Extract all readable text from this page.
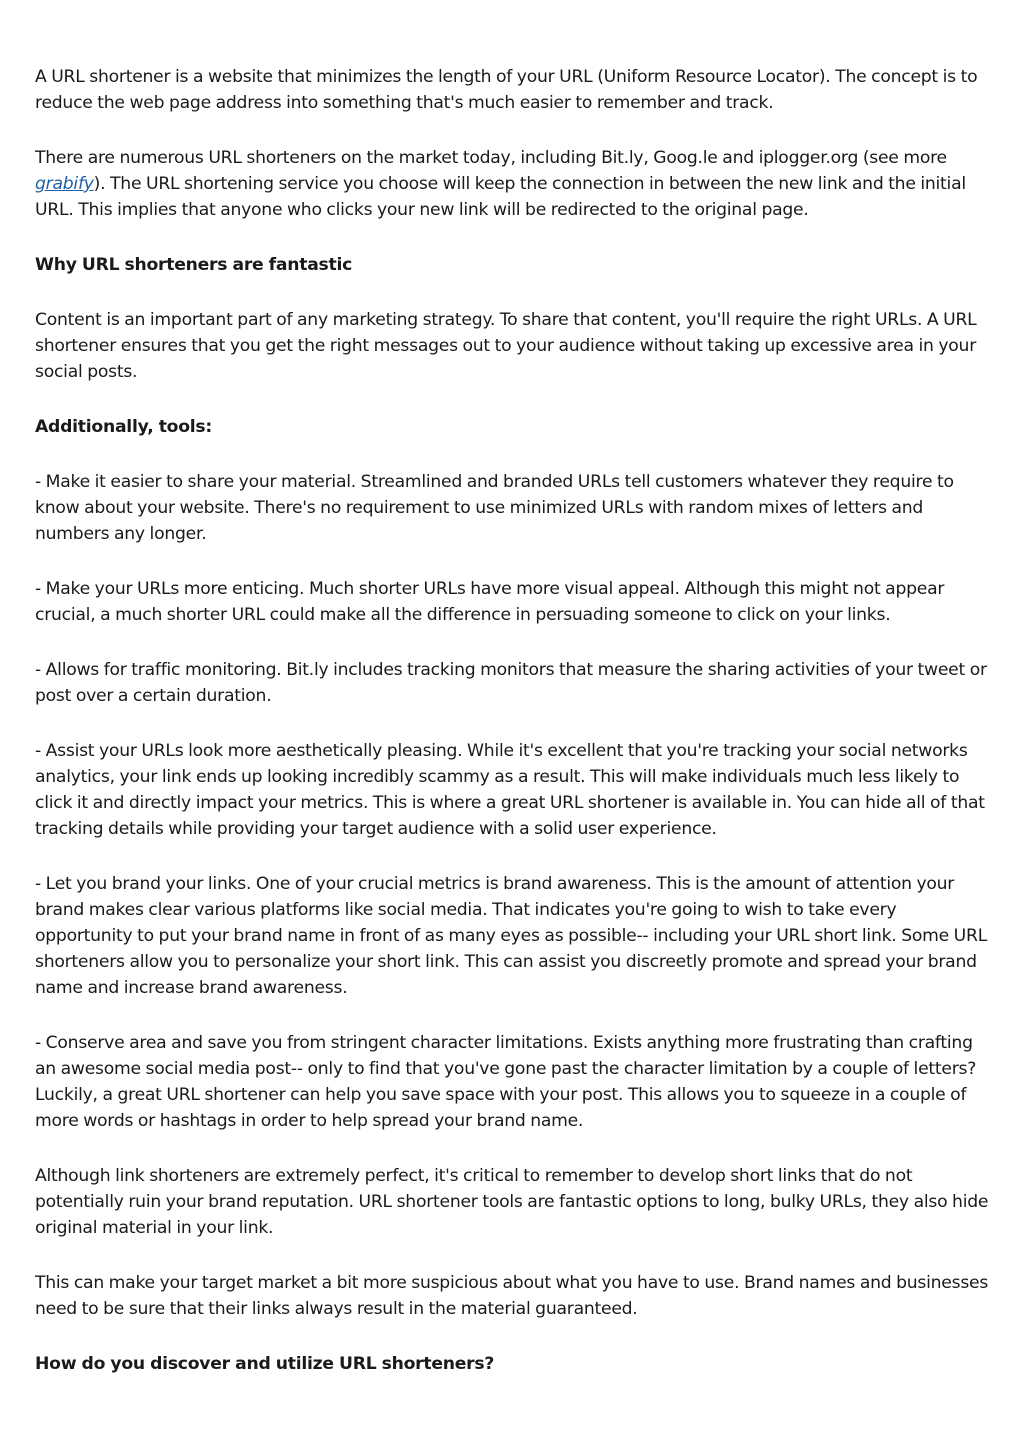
A URL shortener is a website that minimizes the length of your URL (Uniform Resource Locator). The concept is to reduce the web page address into something that's much easier to remember and track.

There are numerous URL shorteners on the market today, including Bit.ly, Goog.le and iplogger.org (see more grabify). The URL shortening service you choose will keep the connection in between the new link and the initial URL. This implies that anyone who clicks your new link will be redirected to the original page.

Why URL shorteners are fantastic

Content is an important part of any marketing strategy. To share that content, you'll require the right URLs. A URL shortener ensures that you get the right messages out to your audience without taking up excessive area in your social posts.

Additionally, tools:

- Make it easier to share your material. Streamlined and branded URLs tell customers whatever they require to know about your website. There's no requirement to use minimized URLs with random mixes of letters and numbers any longer.

- Make your URLs more enticing. Much shorter URLs have more visual appeal. Although this might not appear crucial, a much shorter URL could make all the difference in persuading someone to click on your links.

- Allows for traffic monitoring. Bit.ly includes tracking monitors that measure the sharing activities of your tweet or post over a certain duration.

- Assist your URLs look more aesthetically pleasing. While it's excellent that you're tracking your social networks analytics, your link ends up looking incredibly scammy as a result. This will make individuals much less likely to click it and directly impact your metrics. This is where a great URL shortener is available in. You can hide all of that tracking details while providing your target audience with a solid user experience.

- Let you brand your links. One of your crucial metrics is brand awareness. This is the amount of attention your brand makes clear various platforms like social media. That indicates you're going to wish to take every opportunity to put your brand name in front of as many eyes as possible-- including your URL short link. Some URL shorteners allow you to personalize your short link. This can assist you discreetly promote and spread your brand name and increase brand awareness.

- Conserve area and save you from stringent character limitations. Exists anything more frustrating than crafting an awesome social media post-- only to find that you've gone past the character limitation by a couple of letters? Luckily, a great URL shortener can help you save space with your post. This allows you to squeeze in a couple of more words or hashtags in order to help spread your brand name.

Although link shorteners are extremely perfect, it's critical to remember to develop short links that do not potentially ruin your brand reputation. URL shortener tools are fantastic options to long, bulky URLs, they also hide original material in your link.

This can make your target market a bit more suspicious about what you have to use. Brand names and businesses need to be sure that their links always result in the material guaranteed.

How do you discover and utilize URL shorteners?
